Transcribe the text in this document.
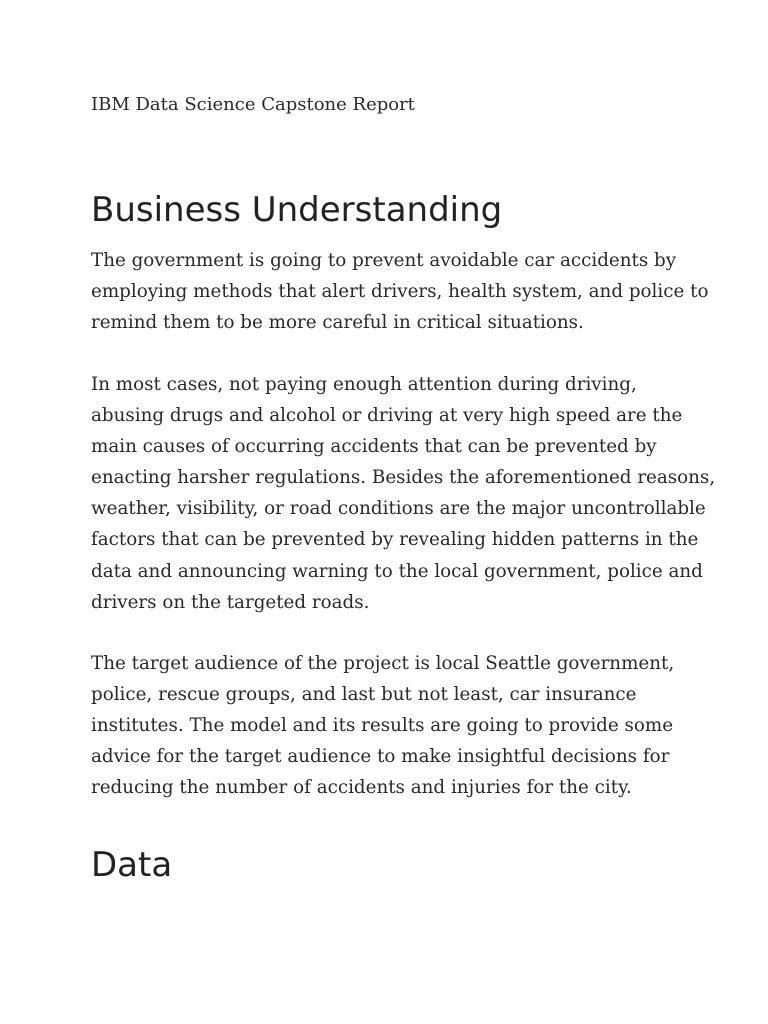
IBM Data Science Capstone Report
Business Understanding

The government is going to prevent avoidable car accidents by
employing methods that alert drivers, health system, and police to
remind them to be more careful in critical situations.

In most cases, not paying enough attention during driving,
abusing drugs and alcohol or driving at very high speed are the
main causes of occurring accidents that can be prevented by
enacting harsher regulations. Besides the aforementioned reasons,
weather, visibility, or road conditions are the major uncontrollable
factors that can be prevented by revealing hidden patterns in the
data and announcing warning to the local government, police and
drivers on the targeted roads.

The target audience of the project is local Seattle government,
police, rescue groups, and last but not least, car insurance
institutes. The model and its results are going to provide some
advice for the target audience to make insightful decisions for
reducing the number of accidents and injuries for the city.

Data
